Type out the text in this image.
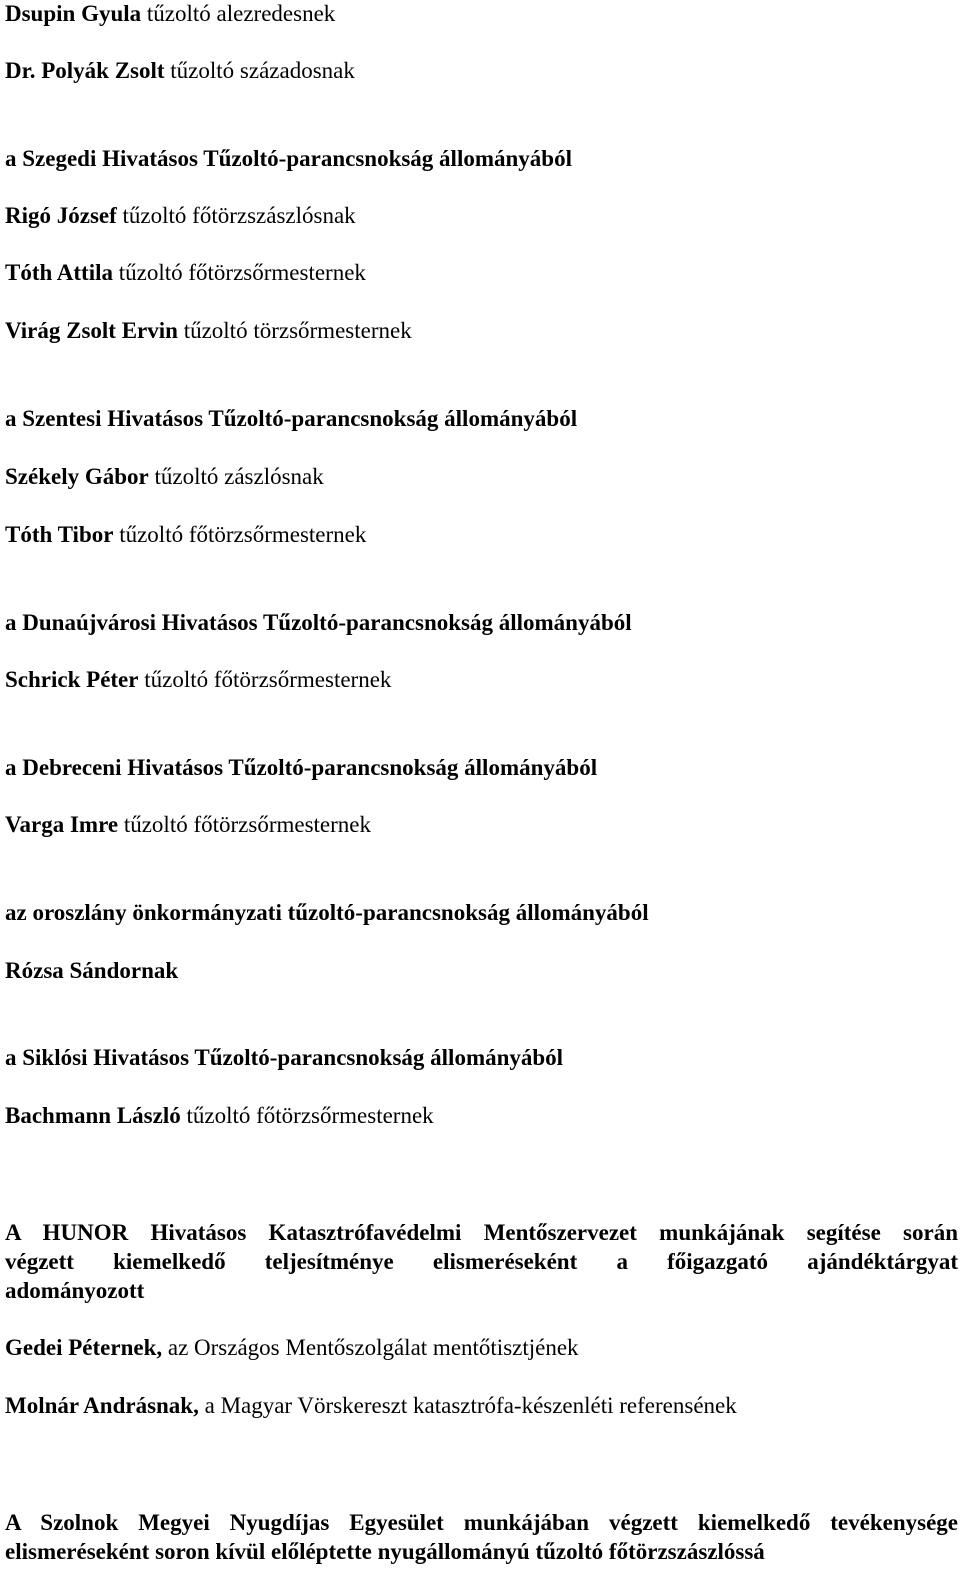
Dsupin Gyula tűzoltó alezredesnek
Dr. Polyák Zsolt tűzoltó századosnak
a Szegedi Hivatásos Tűzoltó-parancsnokság állományából
Rigó József tűzoltó főtörzszászlósnak
Tóth Attila tűzoltó főtörzsőrmesternek
Virág Zsolt Ervin tűzoltó törzsőrmesternek
a Szentesi Hivatásos Tűzoltó-parancsnokság állományából
Székely Gábor tűzoltó zászlósnak
Tóth Tibor tűzoltó főtörzsőrmesternek
a Dunaújvárosi Hivatásos Tűzoltó-parancsnokság állományából
Schrick Péter tűzoltó főtörzsőrmesternek
a Debreceni Hivatásos Tűzoltó-parancsnokság állományából
Varga Imre tűzoltó főtörzsőrmesternek
az oroszlány önkormányzati tűzoltó-parancsnokság állományából
Rózsa Sándornak
a Siklósi Hivatásos Tűzoltó-parancsnokság állományából
Bachmann László tűzoltó főtörzsőrmesternek
A HUNOR Hivatásos Katasztrófavédelmi Mentőszervezet munkájának segítése során
végzett kiemelkedő teljesítménye elismeréseként a főigazgató ajándéktárgyat
adományozott
Gedei Péternek, az Országos Mentőszolgálat mentőtisztjének
Molnár Andrásnak, a Magyar Vörskereszt katasztrófa-készenléti referensének
A Szolnok Megyei Nyugdíjas Egyesület munkájában végzett kiemelkedő tevékenysége
elismeréseként soron kívül előléptette nyugállományú tűzoltó főtörzszászlóssá
